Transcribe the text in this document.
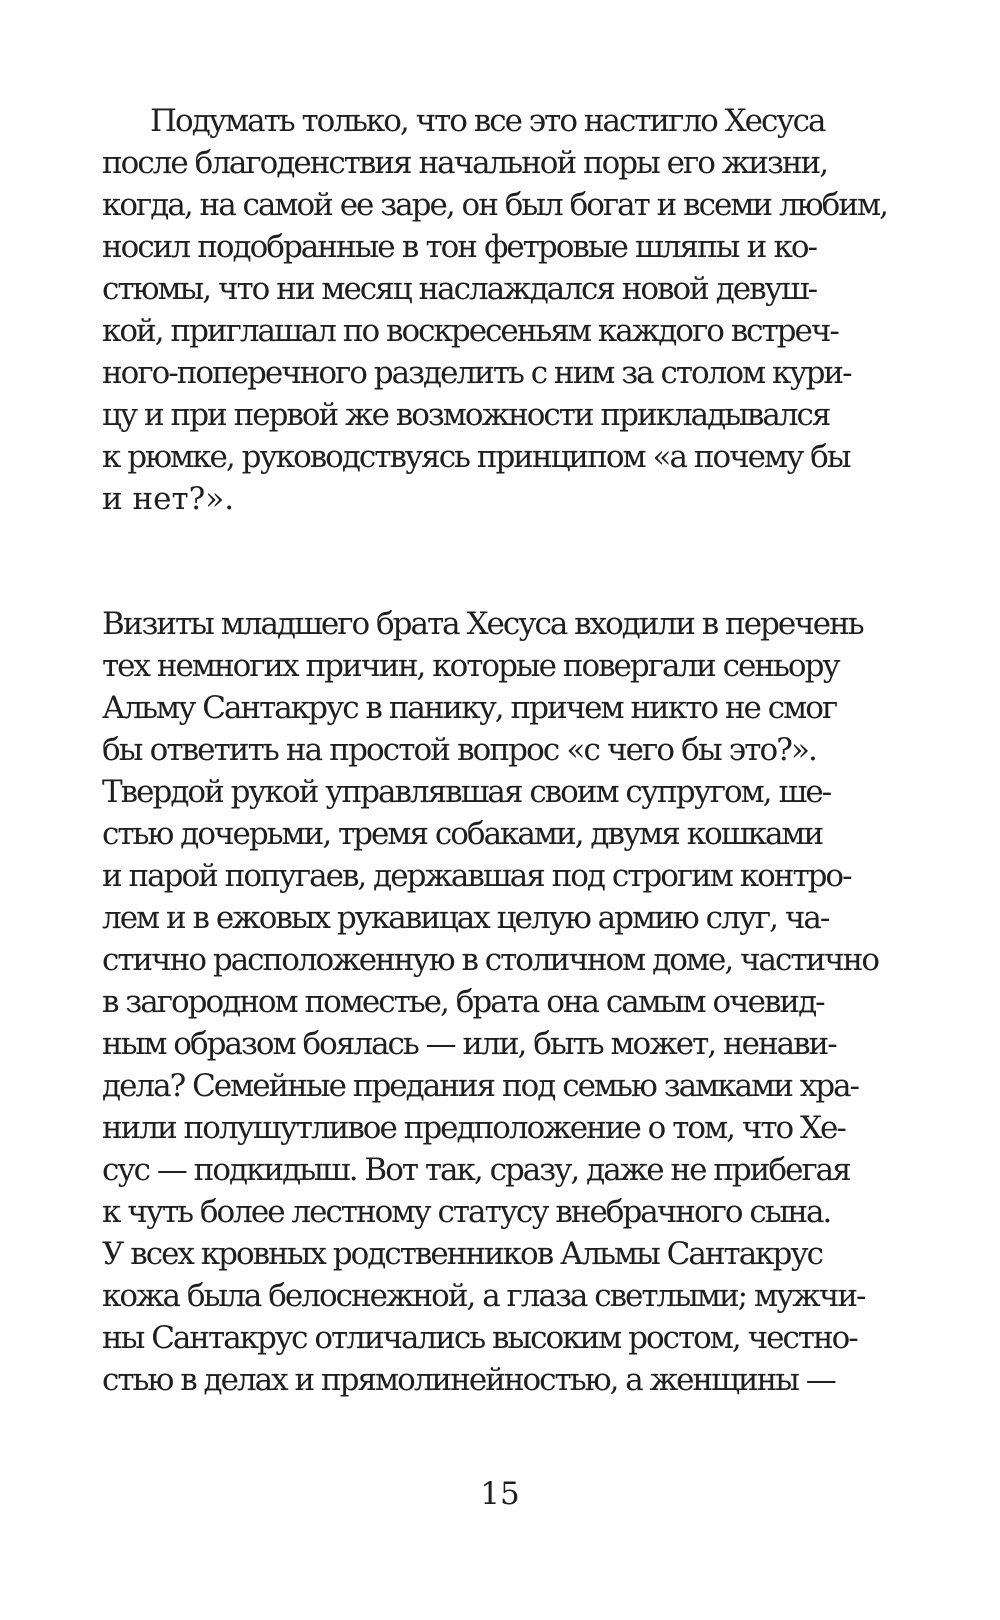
Подумать только, что все это настигло Хесуса

после благоденствия начальной поры его жизни,

когда, на самой ее заре, он был богат и всеми любим,

носил подобранные в тон фетровые шляпы и ко-

стюмы, что ни месяц наслаждался новой девуш-

кой, приглашал по воскресеньям каждого встреч-

ного-поперечного разделить с ним за столом кури-

цу и при первой же возможности прикладывался

к рюмке, руководствуясь принципом «а почему бы

и нет?».

Визиты младшего брата Хесуса входили в перечень

тех немногих причин, которые повергали сеньору

Альму Сантакрус в панику, причем никто не смог

бы ответить на простой вопрос «с чего бы это?».

Твердой рукой управлявшая своим супругом, ше-

стью дочерьми, тремя собаками, двумя кошками

и парой попугаев, державшая под строгим контро-

лем и в ежовых рукавицах целую армию слуг, ча-

стично расположенную в столичном доме, частично

в загородном поместье, брата она самым очевид-

ным образом боялась — или, быть может, ненави-

дела? Семейные предания под семью замками хра-

нили полушутливое предположение о том, что Хе-

сус — подкидыш. Вот так, сразу, даже не прибегая

к чуть более лестному статусу внебрачного сына.

У всех кровных родственников Альмы Сантакрус

кожа была белоснежной, а глаза светлыми; мужчи-

ны Сантакрус отличались высоким ростом, честно-

стью в делах и прямолинейностью, а женщины —

15
